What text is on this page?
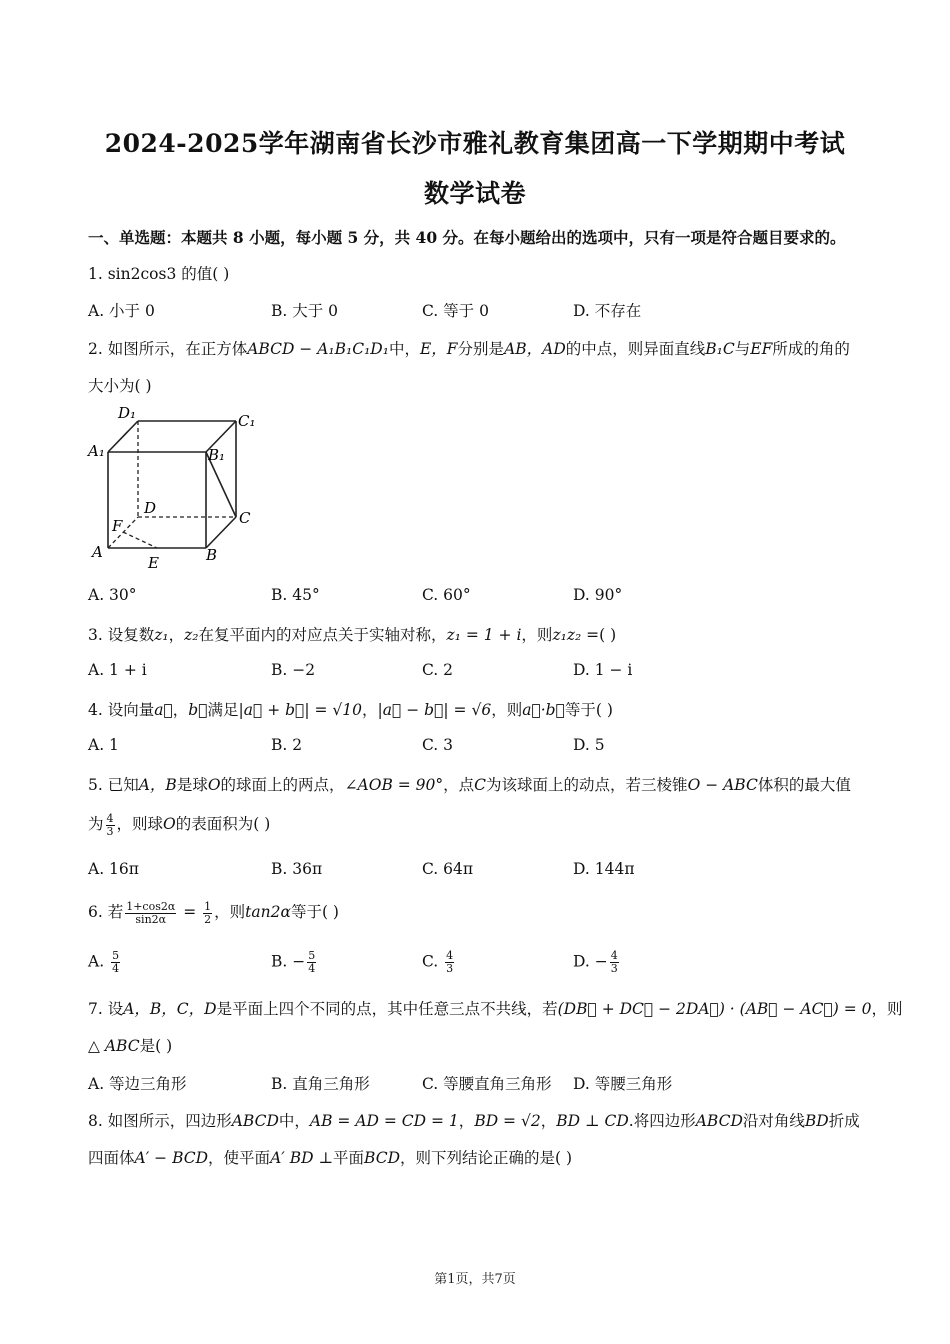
2024-2025学年湖南省长沙市雅礼教育集团高一下学期期中考试
数学试卷
一、单选题：本题共 8 小题，每小题 5 分，共 40 分。在每小题给出的选项中，只有一项是符合题目要求的。
1. sin2cos3 的值( )
A. 小于 0	B. 大于 0	C. 等于 0	D. 不存在
2. 如图所示，在正方体ABCD − A₁B₁C₁D₁中，E，F分别是AB，AD的中点，则异面直线B₁C与EF所成的角的
大小为( )
D₁	C₁
A₁	B₁
D
C
F
A
E	B
A. 30°	B. 45°	C. 60°	D. 90°
3. 设复数z₁，z₂在复平面内的对应点关于实轴对称，z₁ = 1 + i，则z₁z₂ =( )
A. 1 + i	B. −2	C. 2	D. 1 − i
4. 设向量a⃗，b⃗满足|a⃗ + b⃗| = √10，|a⃗ − b⃗| = √6，则a⃗·b⃗等于( )
A. 1	B. 2	C. 3	D. 5
5. 已知A，B是球O的球面上的两点，∠AOB = 90°，点C为该球面上的动点，若三棱锥O − ABC体积的最大值
为 $\frac{4}{3}$ ，则球O的表面积为( )
A. 16π	B. 36π	C. 64π	D. 144π
6. 若 $\frac{1+\cos 2\alpha}{\sin 2\alpha} = \frac{1}{2}$ ，则tan2α等于( )
A. $\frac{5}{4}$	B. − $\frac{5}{4}$	C. $\frac{4}{3}$	D. − $\frac{4}{3}$
7. 设A，B，C，D是平面上四个不同的点，其中任意三点不共线，若(DB⃗ + DC⃗ − 2DA⃗) · (AB⃗ − AC⃗) = 0，则
△ ABC是( )
A. 等边三角形	B. 直角三角形	C. 等腰直角三角形 D. 等腰三角形
8. 如图所示，四边形ABCD中，AB = AD = CD = 1，BD = √2，BD ⊥ CD.将四边形ABCD沿对角线BD折成
四面体A′ − BCD，使平面A′ BD ⊥平面BCD，则下列结论正确的是( )
第1页，共7页
